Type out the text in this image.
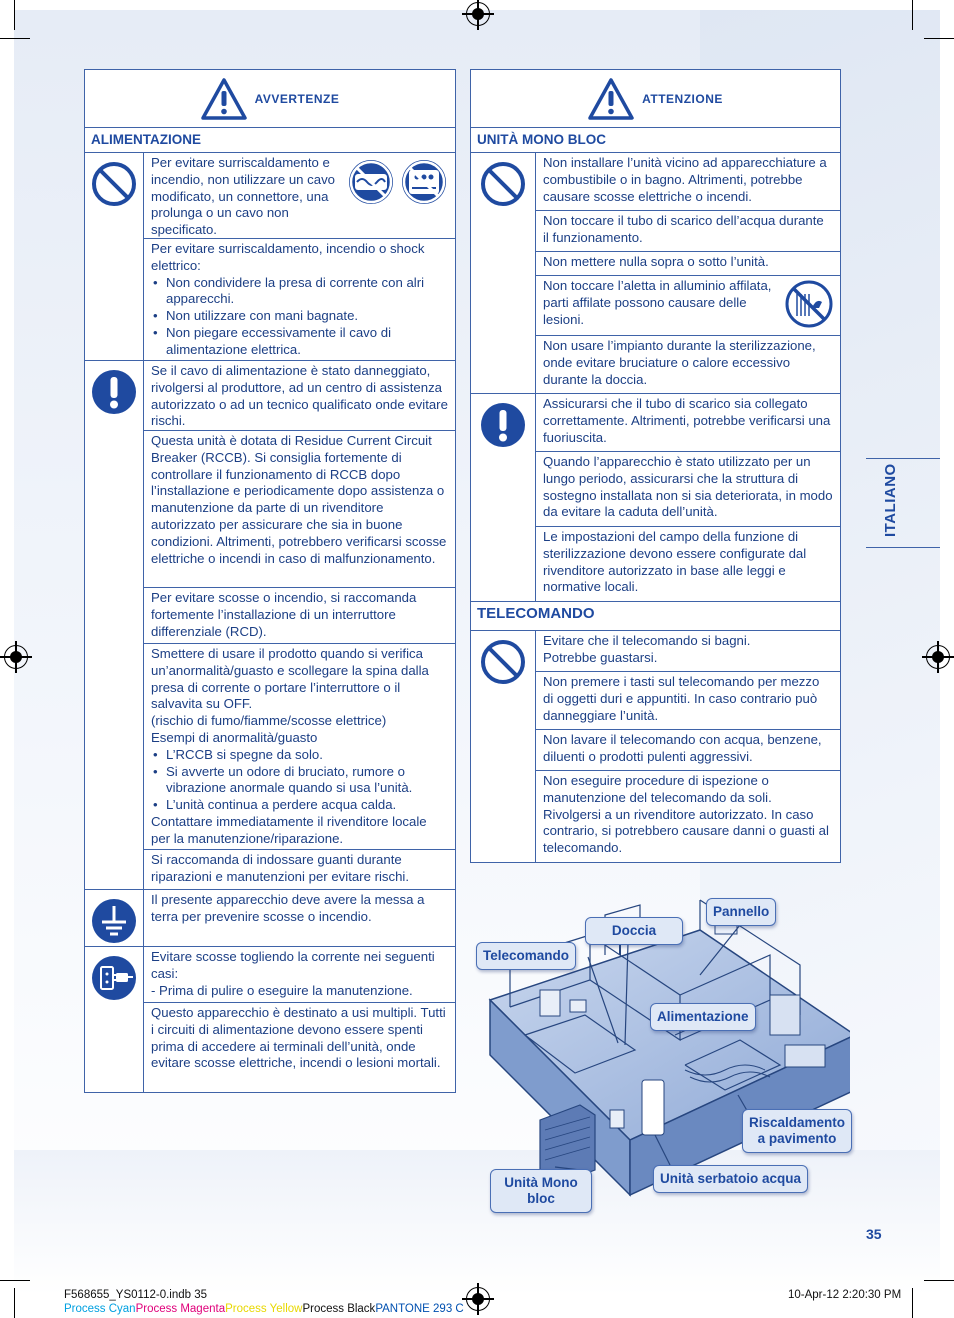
AVVERTENZE
ALIMENTAZIONE
Per evitare surriscaldamento e incendio, non utilizzare un cavo modificato, un connettore, una prolunga o un cavo non specificato.
Per evitare surriscaldamento, incendio o shock elettrico:
• Non condividere la presa di corrente con alri apparecchi.
• Non utilizzare con mani bagnate.
• Non piegare eccessivamente il cavo di alimentazione elettrica.
Se il cavo di alimentazione è stato danneggiato, rivolgersi al produttore, ad un centro di assistenza autorizzato o ad un tecnico qualificato onde evitare rischi.
Questa unità è dotata di Residue Current Circuit Breaker (RCCB). Si consiglia fortemente di controllare il funzionamento di RCCB dopo l’installazione e periodicamente dopo assistenza o manutenzione da parte di un rivenditore autorizzato per assicurare che sia in buone condizioni. Altrimenti, potrebbero verificarsi scosse elettriche o incendi in caso di malfunzionamento.
Per evitare scosse o incendio, si raccomanda fortemente l’installazione di un interruttore differenziale (RCD).
Smettere di usare il prodotto quando si verifica un’anormalità/guasto e scollegare la spina dalla presa di corrente o portare l’interruttore o il salvavita su OFF.
(rischio di fumo/fiamme/scosse elettrice)
Esempi di anormalità/guasto
• L’RCCB si spegne da solo.
• Si avverte un odore di bruciato, rumore o vibrazione anormale quando si usa l’unità.
• L’unità continua a perdere acqua calda.
Contattare immediatamente il rivenditore locale per la manutenzione/riparazione.
Si raccomanda di indossare guanti durante riparazioni e manutenzioni per evitare rischi.
Il presente apparecchio deve avere la messa a terra per prevenire scosse o incendio.
Evitare scosse togliendo la corrente nei seguenti casi:
- Prima di pulire o eseguire la manutenzione.
Questo apparecchio è destinato a usi multipli. Tutti i circuiti di alimentazione devono essere spenti prima di accedere ai terminali dell’unità, onde evitare scosse elettriche, incendi o lesioni mortali.
ATTENZIONE
UNITÀ MONO BLOC
Non installare l’unità vicino ad apparecchiature a combustibile o in bagno. Altrimenti, potrebbe causare scosse elettriche o incendi.
Non toccare il tubo di scarico dell’acqua durante il funzionamento.
Non mettere nulla sopra o sotto l’unità.
Non toccare l’aletta in alluminio affilata, parti affilate possono causare delle lesioni.
Non usare l’impianto durante la sterilizzazione, onde evitare bruciature o calore eccessivo durante la doccia.
Assicurarsi che il tubo di scarico sia collegato correttamente. Altrimenti, potrebbe verificarsi una fuoriuscita.
Quando l’apparecchio è stato utilizzato per un lungo periodo, assicurarsi che la struttura di sostegno installata non si sia deteriorata, in modo da evitare la caduta dell’unità.
Le impostazioni del campo della funzione di sterilizzazione devono essere configurate dal rivenditore autorizzato in base alle leggi e normative locali.
TELECOMANDO
Evitare che il telecomando si bagni.
Potrebbe guastarsi.
Non premere i tasti sul telecomando per mezzo di oggetti duri e appuntiti. In caso contrario può danneggiare l’unità.
Non lavare il telecomando con acqua, benzene, diluenti o prodotti pulenti aggressivi.
Non eseguire procedure di ispezione o manutenzione del telecomando da soli. Rivolgersi a un rivenditore autorizzato. In caso contrario, si potrebbero causare danni o guasti al telecomando.
ITALIANO
Pannello
Doccia
Telecomando
Alimentazione
Riscaldamento
a pavimento
Unità Mono
bloc
Unità serbatoio acqua
35
F568655_YS0112-0.indb 35	10-Apr-12 2:20:30 PM
Process CyanProcess MagentaProcess YellowProcess BlackPANTONE 293 C
